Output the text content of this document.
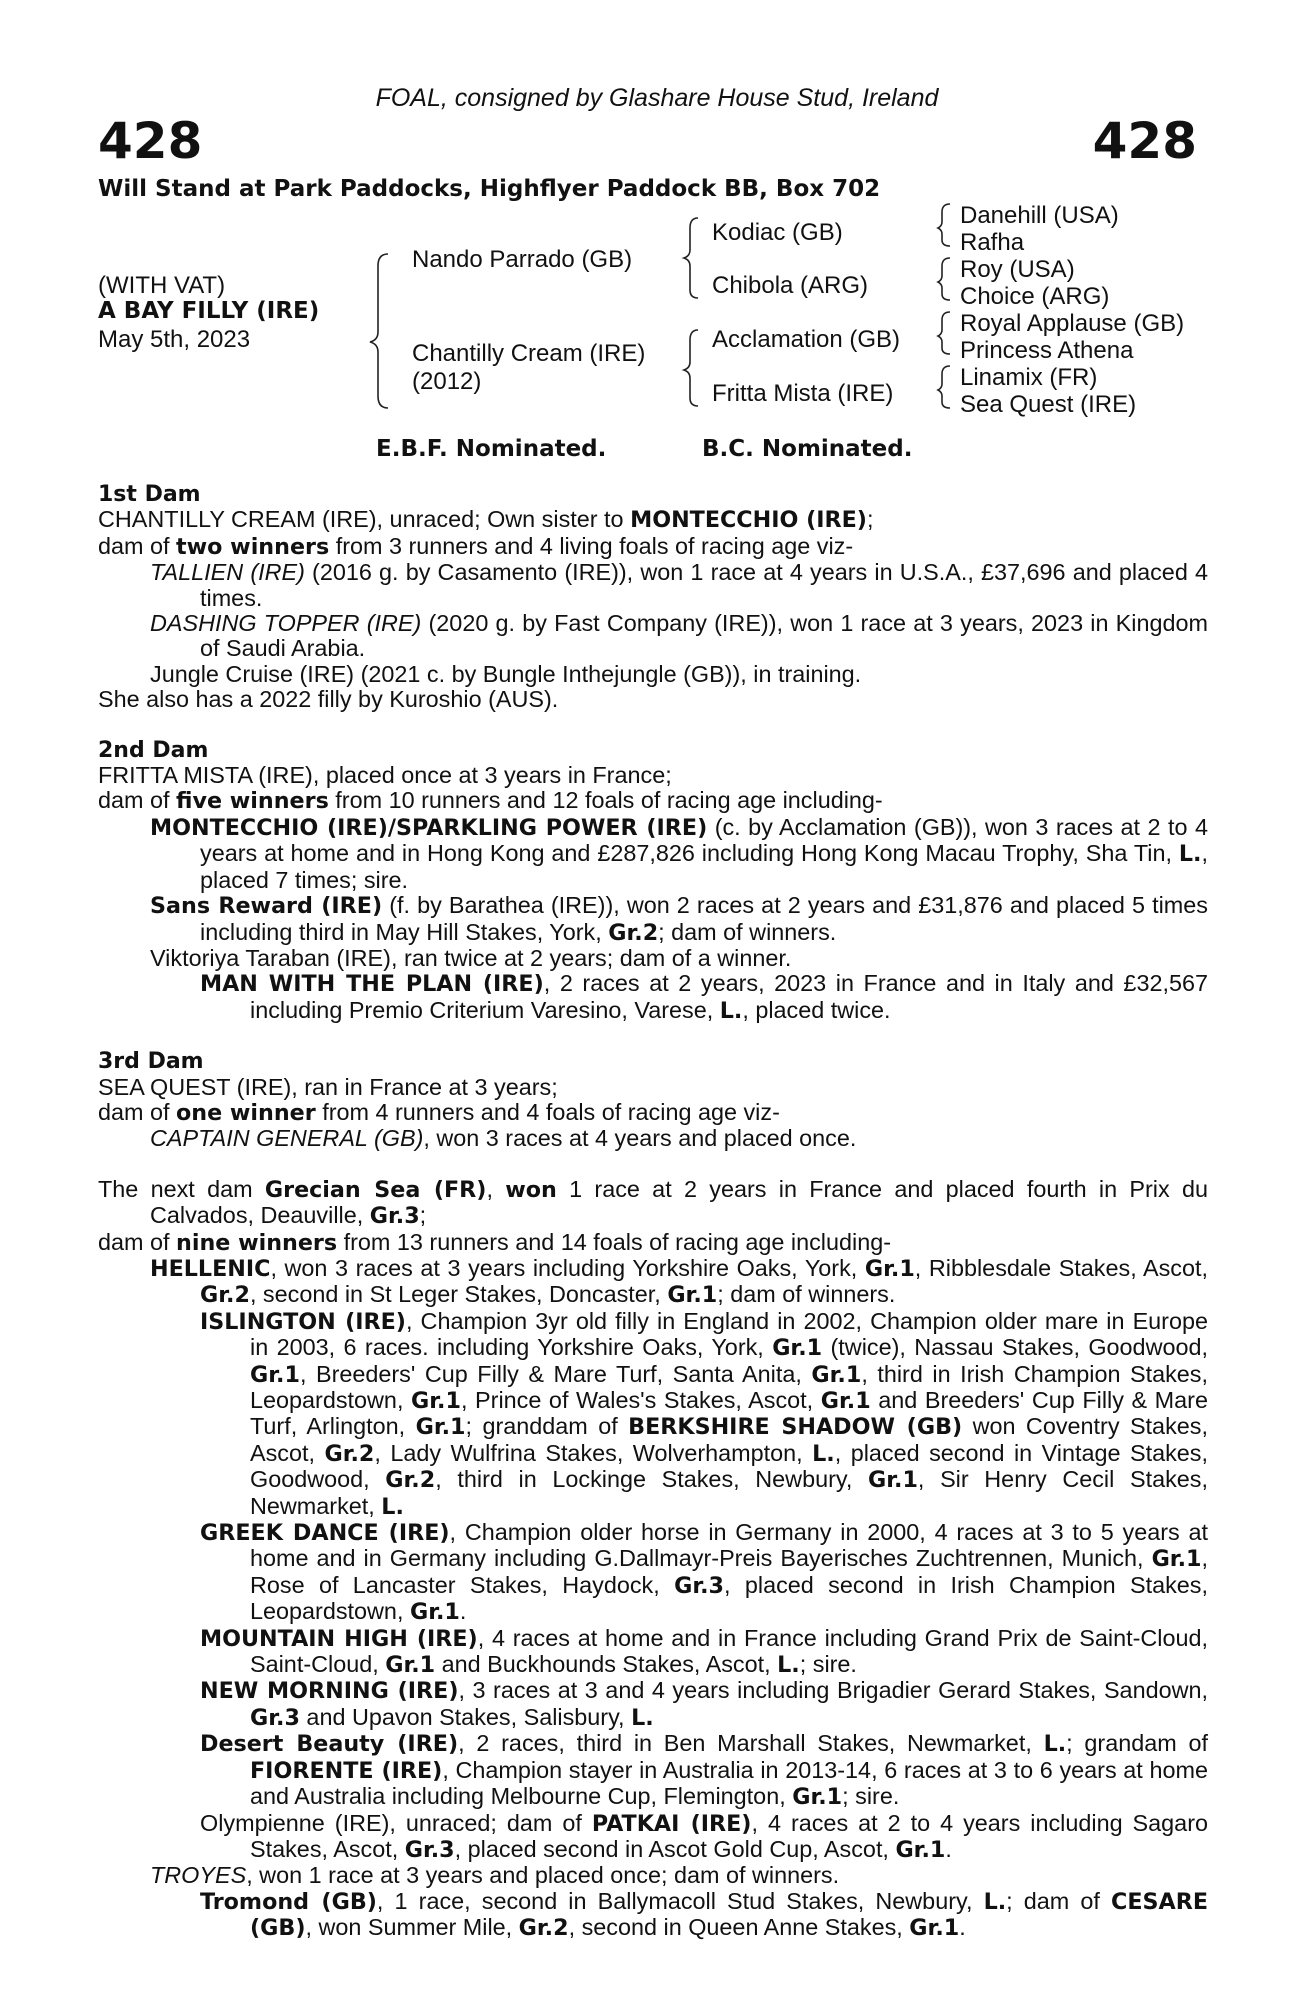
FOAL, consigned by Glashare House Stud, Ireland
428	428
Will Stand at Park Paddocks, Highflyer Paddock BB, Box 702
(WITH VAT)
A BAY FILLY (IRE)
May 5th, 2023
Nando Parrado (GB)
Chantilly Cream (IRE)
(2012)
Kodiac (GB)
Chibola (ARG)
Acclamation (GB)
Fritta Mista (IRE)
Danehill (USA)
Rafha
Roy (USA)
Choice (ARG)
Royal Applause (GB)
Princess Athena
Linamix (FR)
Sea Quest (IRE)
E.B.F. Nominated.	B.C. Nominated.

1st Dam

CHANTILLY CREAM (IRE), unraced; Own sister to MONTECCHIO (IRE);

dam of two winners from 3 runners and 4 living foals of racing age viz-

TALLIEN (IRE) (2016 g. by Casamento (IRE)), won 1 race at 4 years in U.S.A., £37,696 and placed 4 times.

DASHING TOPPER (IRE) (2020 g. by Fast Company (IRE)), won 1 race at 3 years, 2023 in Kingdom of Saudi Arabia.

Jungle Cruise (IRE) (2021 c. by Bungle Inthejungle (GB)), in training.

She also has a 2022 filly by Kuroshio (AUS).

2nd Dam

FRITTA MISTA (IRE), placed once at 3 years in France;

dam of five winners from 10 runners and 12 foals of racing age including-

MONTECCHIO (IRE)/SPARKLING POWER (IRE) (c. by Acclamation (GB)), won 3 races at 2 to 4 years at home and in Hong Kong and £287,826 including Hong Kong Macau Trophy, Sha Tin, L., placed 7 times; sire.

Sans Reward (IRE) (f. by Barathea (IRE)), won 2 races at 2 years and £31,876 and placed 5 times including third in May Hill Stakes, York, Gr.2; dam of winners.

Viktoriya Taraban (IRE), ran twice at 2 years; dam of a winner.

MAN WITH THE PLAN (IRE), 2 races at 2 years, 2023 in France and in Italy and £32,567 including Premio Criterium Varesino, Varese, L., placed twice.

3rd Dam

SEA QUEST (IRE), ran in France at 3 years;

dam of one winner from 4 runners and 4 foals of racing age viz-

CAPTAIN GENERAL (GB), won 3 races at 4 years and placed once.

The next dam Grecian Sea (FR), won 1 race at 2 years in France and placed fourth in Prix du Calvados, Deauville, Gr.3;

dam of nine winners from 13 runners and 14 foals of racing age including-

HELLENIC, won 3 races at 3 years including Yorkshire Oaks, York, Gr.1, Ribblesdale Stakes, Ascot, Gr.2, second in St Leger Stakes, Doncaster, Gr.1; dam of winners.

ISLINGTON (IRE), Champion 3yr old filly in England in 2002, Champion older mare in Europe in 2003, 6 races. including Yorkshire Oaks, York, Gr.1 (twice), Nassau Stakes, Goodwood, Gr.1, Breeders' Cup Filly & Mare Turf, Santa Anita, Gr.1, third in Irish Champion Stakes, Leopardstown, Gr.1, Prince of Wales's Stakes, Ascot, Gr.1 and Breeders' Cup Filly & Mare Turf, Arlington, Gr.1; granddam of BERKSHIRE SHADOW (GB) won Coventry Stakes, Ascot, Gr.2, Lady Wulfrina Stakes, Wolverhampton, L., placed second in Vintage Stakes, Goodwood, Gr.2, third in Lockinge Stakes, Newbury, Gr.1, Sir Henry Cecil Stakes, Newmarket, L.

GREEK DANCE (IRE), Champion older horse in Germany in 2000, 4 races at 3 to 5 years at home and in Germany including G.Dallmayr-Preis Bayerisches Zuchtrennen, Munich, Gr.1, Rose of Lancaster Stakes, Haydock, Gr.3, placed second in Irish Champion Stakes, Leopardstown, Gr.1.

MOUNTAIN HIGH (IRE), 4 races at home and in France including Grand Prix de Saint-Cloud, Saint-Cloud, Gr.1 and Buckhounds Stakes, Ascot, L.; sire.

NEW MORNING (IRE), 3 races at 3 and 4 years including Brigadier Gerard Stakes, Sandown, Gr.3 and Upavon Stakes, Salisbury, L.

Desert Beauty (IRE), 2 races, third in Ben Marshall Stakes, Newmarket, L.; grandam of FIORENTE (IRE), Champion stayer in Australia in 2013-14, 6 races at 3 to 6 years at home and Australia including Melbourne Cup, Flemington, Gr.1; sire.

Olympienne (IRE), unraced; dam of PATKAI (IRE), 4 races at 2 to 4 years including Sagaro Stakes, Ascot, Gr.3, placed second in Ascot Gold Cup, Ascot, Gr.1.

TROYES, won 1 race at 3 years and placed once; dam of winners.

Tromond (GB), 1 race, second in Ballymacoll Stud Stakes, Newbury, L.; dam of CESARE (GB), won Summer Mile, Gr.2, second in Queen Anne Stakes, Gr.1.
